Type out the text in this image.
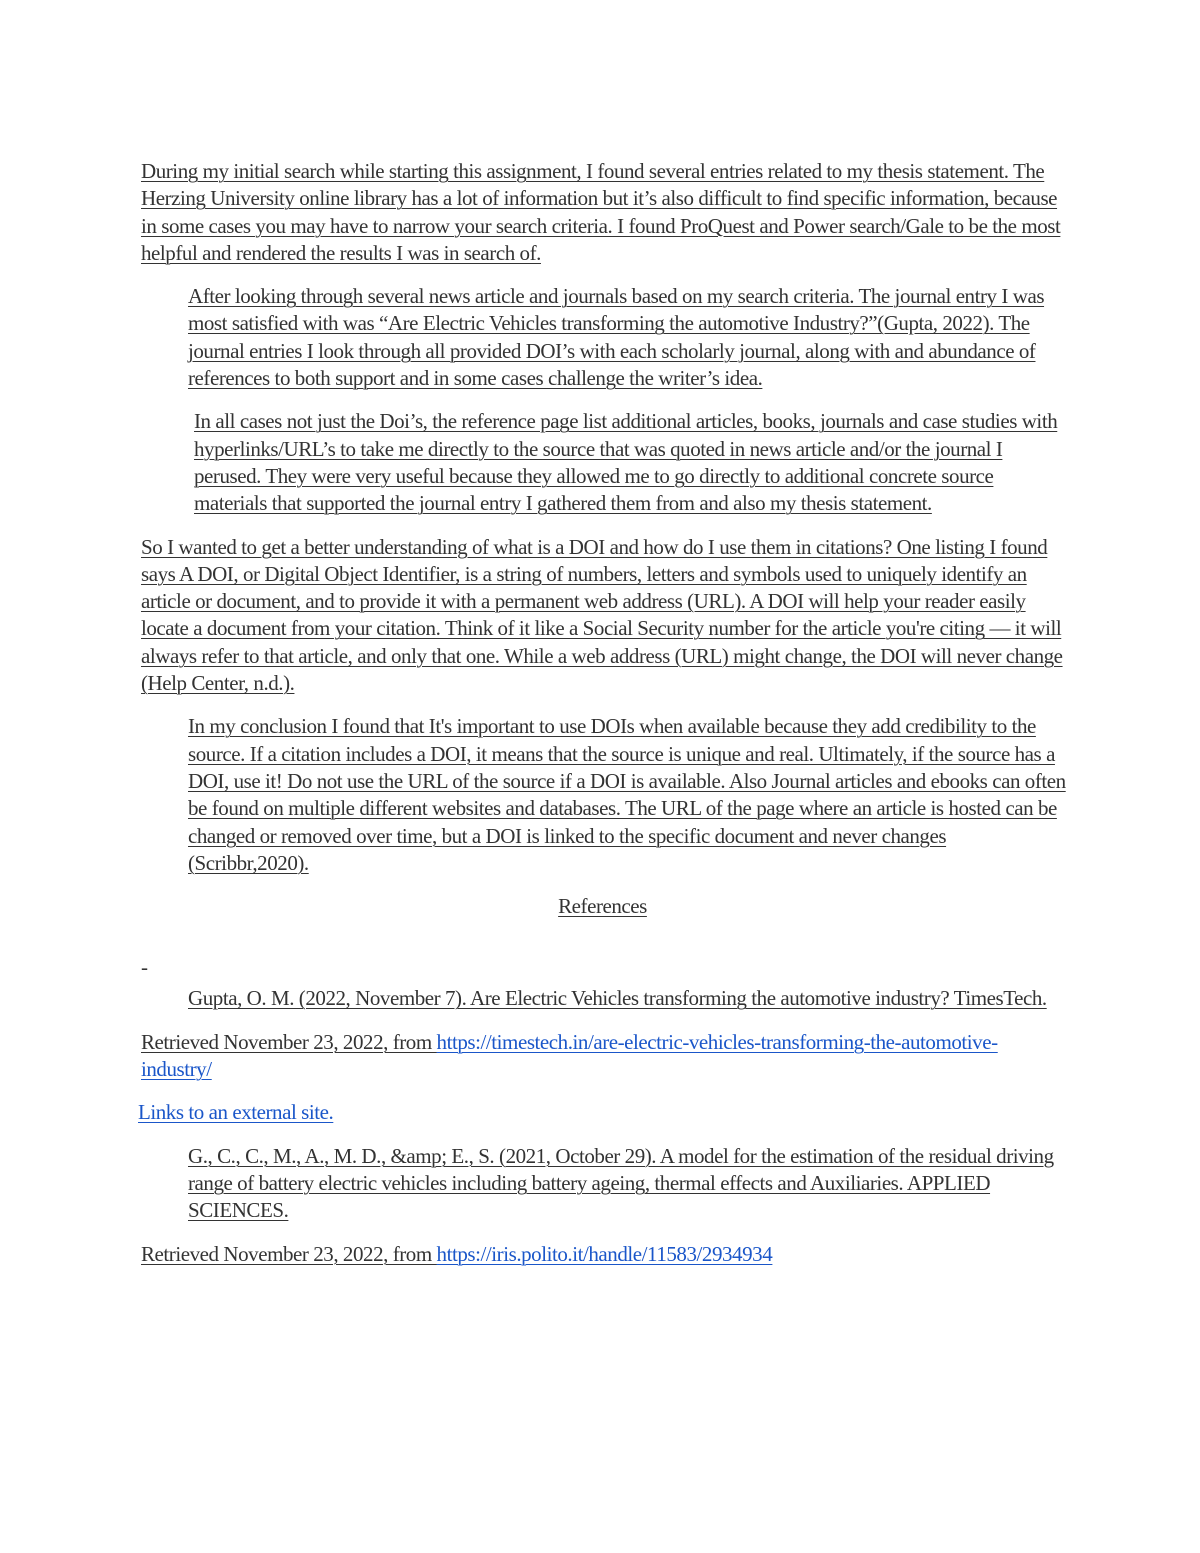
During my initial search while starting this assignment, I found several entries related to my thesis statement. The Herzing University online library has a lot of information but it’s also difficult to find specific information, because in some cases you may have to narrow your search criteria. I found ProQuest and Power search/Gale to be the most helpful and rendered the results I was in search of.

After looking through several news article and journals based on my search criteria. The journal entry I was most satisfied with was “Are Electric Vehicles transforming the automotive Industry?”(Gupta, 2022). The journal entries I look through all provided DOI’s with each scholarly journal, along with and abundance of references to both support and in some cases challenge the writer’s idea.

In all cases not just the Doi’s, the reference page list additional articles, books, journals and case studies with hyperlinks/URL’s to take me directly to the source that was quoted in news article and/or the journal I perused. They were very useful because they allowed me to go directly to additional concrete source materials that supported the journal entry I gathered them from and also my thesis statement.

So I wanted to get a better understanding of what is a DOI and how do I use them in citations? One listing I found says A DOI, or Digital Object Identifier, is a string of numbers, letters and symbols used to uniquely identify an article or document, and to provide it with a permanent web address (URL). A DOI will help your reader easily locate a document from your citation. Think of it like a Social Security number for the article you're citing — it will always refer to that article, and only that one. While a web address (URL) might change, the DOI will never change (Help Center, n.d.).

In my conclusion I found that It's important to use DOIs when available because they add credibility to the source. If a citation includes a DOI, it means that the source is unique and real. Ultimately, if the source has a DOI, use it! Do not use the URL of the source if a DOI is available. Also Journal articles and ebooks can often be found on multiple different websites and databases. The URL of the page where an article is hosted can be changed or removed over time, but a DOI is linked to the specific document and never changes (Scribbr,2020).

References

-

Gupta, O. M. (2022, November 7). Are Electric Vehicles transforming the automotive industry? TimesTech.

Retrieved November 23, 2022, from https://timestech.in/are-electric-vehicles-transforming-the-automotive-industry/

Links to an external site.

G., C., C., M., A., M. D., &amp; E., S. (2021, October 29). A model for the estimation of the residual driving range of battery electric vehicles including battery ageing, thermal effects and Auxiliaries. APPLIED SCIENCES.

Retrieved November 23, 2022, from https://iris.polito.it/handle/11583/2934934
